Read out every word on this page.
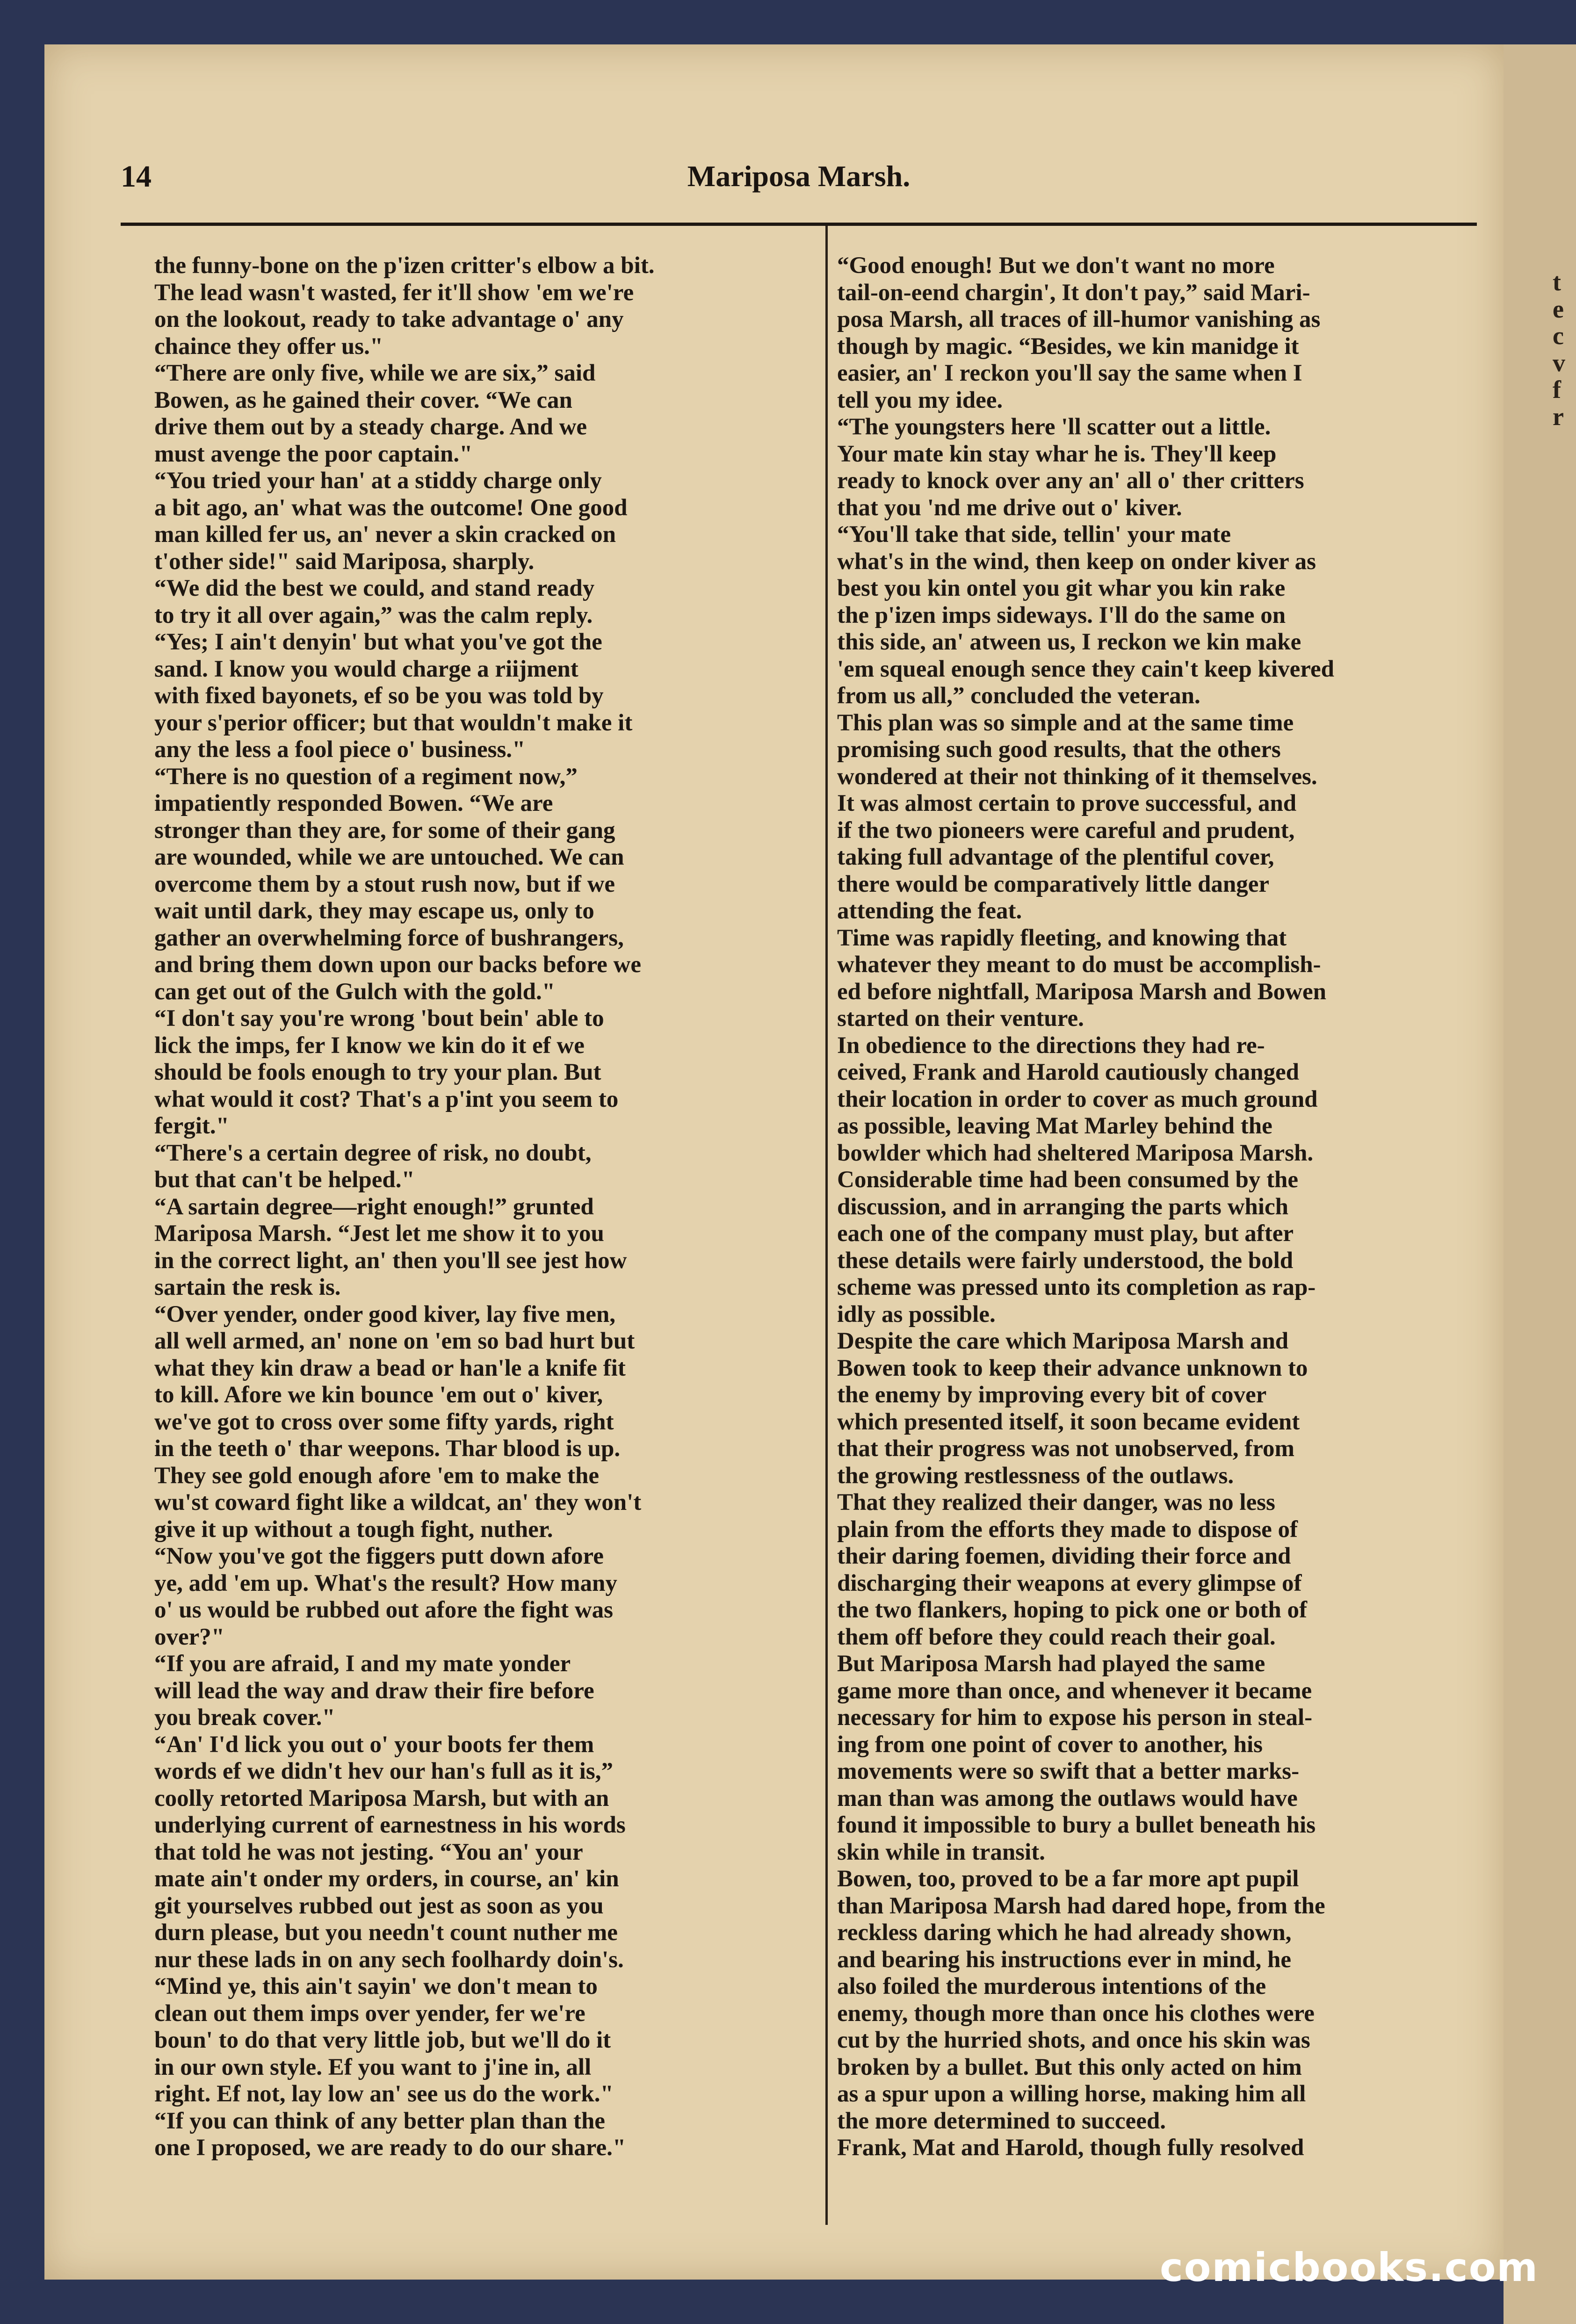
t
e
c
v
f
r
14	Mariposa Marsh.
the funny-bone on the p'izen critter's elbow a bit.
The lead wasn't wasted, fer it'll show 'em we're
on the lookout, ready to take advantage o' any
chaince they offer us."
“There are only five, while we are six,” said
Bowen, as he gained their cover. “We can
drive them out by a steady charge. And we
must avenge the poor captain."
“You tried your han' at a stiddy charge only
a bit ago, an' what was the outcome! One good
man killed fer us, an' never a skin cracked on
t'other side!" said Mariposa, sharply.
“We did the best we could, and stand ready
to try it all over again,” was the calm reply.
“Yes; I ain't denyin' but what you've got the
sand. I know you would charge a riijment
with fixed bayonets, ef so be you was told by
your s'perior officer; but that wouldn't make it
any the less a fool piece o' business."
“There is no question of a regiment now,”
impatiently responded Bowen. “We are
stronger than they are, for some of their gang
are wounded, while we are untouched. We can
overcome them by a stout rush now, but if we
wait until dark, they may escape us, only to
gather an overwhelming force of bushrangers,
and bring them down upon our backs before we
can get out of the Gulch with the gold."
“I don't say you're wrong 'bout bein' able to
lick the imps, fer I know we kin do it ef we
should be fools enough to try your plan. But
what would it cost? That's a p'int you seem to
fergit."
“There's a certain degree of risk, no doubt,
but that can't be helped."
“A sartain degree—right enough!” grunted
Mariposa Marsh. “Jest let me show it to you
in the correct light, an' then you'll see jest how
sartain the resk is.
“Over yender, onder good kiver, lay five men,
all well armed, an' none on 'em so bad hurt but
what they kin draw a bead or han'le a knife fit
to kill. Afore we kin bounce 'em out o' kiver,
we've got to cross over some fifty yards, right
in the teeth o' thar weepons. Thar blood is up.
They see gold enough afore 'em to make the
wu'st coward fight like a wildcat, an' they won't
give it up without a tough fight, nuther.
“Now you've got the figgers putt down afore
ye, add 'em up. What's the result? How many
o' us would be rubbed out afore the fight was
over?"
“If you are afraid, I and my mate yonder
will lead the way and draw their fire before
you break cover."
“An' I'd lick you out o' your boots fer them
words ef we didn't hev our han's full as it is,”
coolly retorted Mariposa Marsh, but with an
underlying current of earnestness in his words
that told he was not jesting. “You an' your
mate ain't onder my orders, in course, an' kin
git yourselves rubbed out jest as soon as you
durn please, but you needn't count nuther me
nur these lads in on any sech foolhardy doin's.
“Mind ye, this ain't sayin' we don't mean to
clean out them imps over yender, fer we're
boun' to do that very little job, but we'll do it
in our own style. Ef you want to j'ine in, all
right. Ef not, lay low an' see us do the work."
“If you can think of any better plan than the
one I proposed, we are ready to do our share."
“Good enough! But we don't want no more
tail-on-eend chargin', It don't pay,” said Mari-
posa Marsh, all traces of ill-humor vanishing as
though by magic. “Besides, we kin manidge it
easier, an' I reckon you'll say the same when I
tell you my idee.
“The youngsters here 'll scatter out a little.
Your mate kin stay whar he is. They'll keep
ready to knock over any an' all o' ther critters
that you 'nd me drive out o' kiver.
“You'll take that side, tellin' your mate
what's in the wind, then keep on onder kiver as
best you kin ontel you git whar you kin rake
the p'izen imps sideways. I'll do the same on
this side, an' atween us, I reckon we kin make
'em squeal enough sence they cain't keep kivered
from us all,” concluded the veteran.
This plan was so simple and at the same time
promising such good results, that the others
wondered at their not thinking of it themselves.
It was almost certain to prove successful, and
if the two pioneers were careful and prudent,
taking full advantage of the plentiful cover,
there would be comparatively little danger
attending the feat.
Time was rapidly fleeting, and knowing that
whatever they meant to do must be accomplish-
ed before nightfall, Mariposa Marsh and Bowen
started on their venture.
In obedience to the directions they had re-
ceived, Frank and Harold cautiously changed
their location in order to cover as much ground
as possible, leaving Mat Marley behind the
bowlder which had sheltered Mariposa Marsh.
Considerable time had been consumed by the
discussion, and in arranging the parts which
each one of the company must play, but after
these details were fairly understood, the bold
scheme was pressed unto its completion as rap-
idly as possible.
Despite the care which Mariposa Marsh and
Bowen took to keep their advance unknown to
the enemy by improving every bit of cover
which presented itself, it soon became evident
that their progress was not unobserved, from
the growing restlessness of the outlaws.
That they realized their danger, was no less
plain from the efforts they made to dispose of
their daring foemen, dividing their force and
discharging their weapons at every glimpse of
the two flankers, hoping to pick one or both of
them off before they could reach their goal.
But Mariposa Marsh had played the same
game more than once, and whenever it became
necessary for him to expose his person in steal-
ing from one point of cover to another, his
movements were so swift that a better marks-
man than was among the outlaws would have
found it impossible to bury a bullet beneath his
skin while in transit.
Bowen, too, proved to be a far more apt pupil
than Mariposa Marsh had dared hope, from the
reckless daring which he had already shown,
and bearing his instructions ever in mind, he
also foiled the murderous intentions of the
enemy, though more than once his clothes were
cut by the hurried shots, and once his skin was
broken by a bullet. But this only acted on him
as a spur upon a willing horse, making him all
the more determined to succeed.
Frank, Mat and Harold, though fully resolved
comicbooks.com
